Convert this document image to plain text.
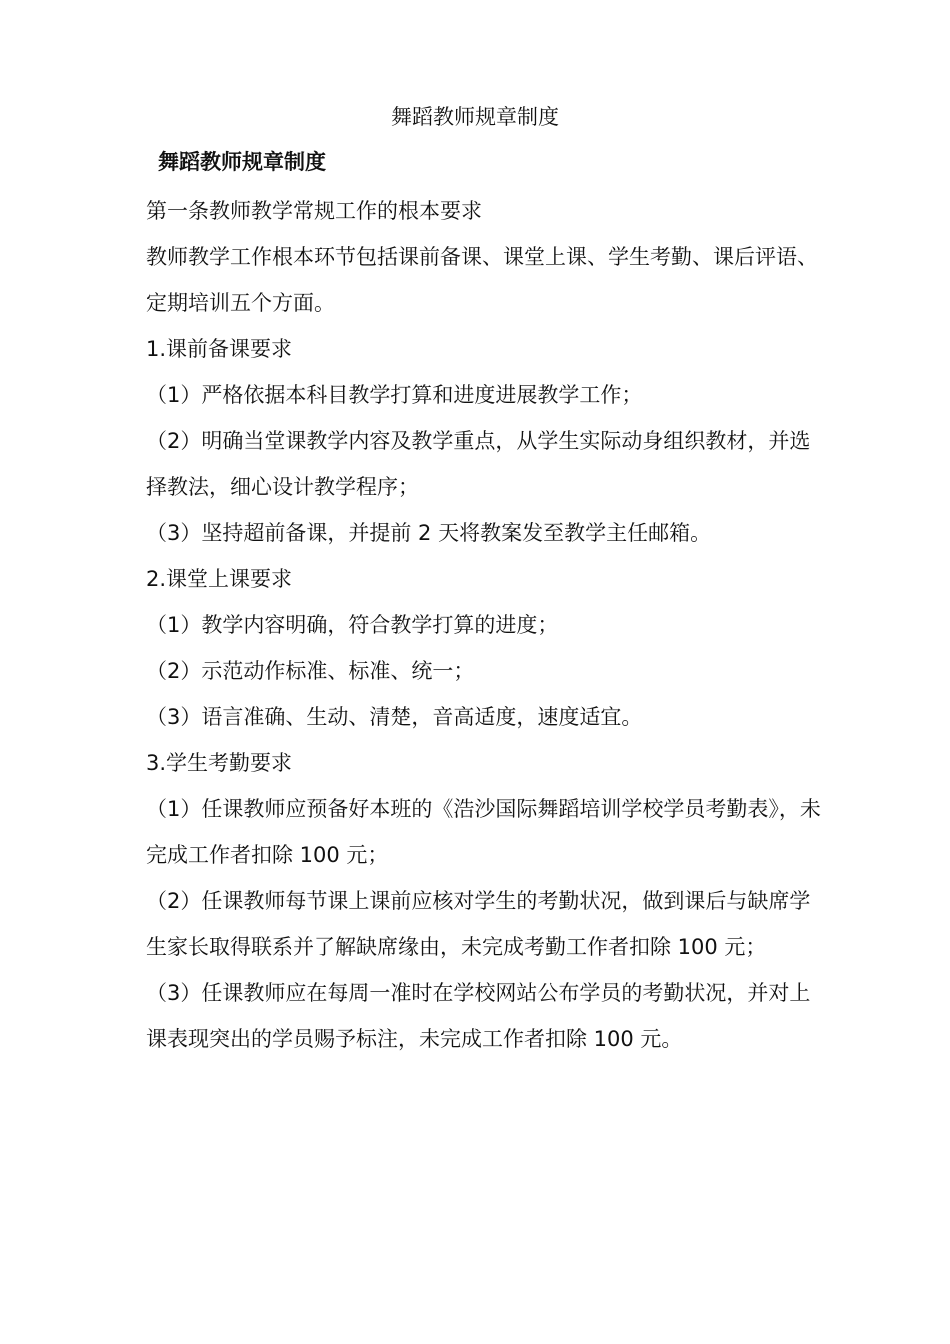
舞蹈教师规章制度
舞蹈教师规章制度

第一条教师教学常规工作的根本要求

教师教学工作根本环节包括课前备课、课堂上课、学生考勤、课后评语、定期培训五个方面。

1.课前备课要求

（1）严格依据本科目教学打算和进度进展教学工作；

（2）明确当堂课教学内容及教学重点，从学生实际动身组织教材，并选择教法，细心设计教学程序；

（3）坚持超前备课，并提前 2 天将教案发至教学主任邮箱。

2.课堂上课要求

（1）教学内容明确，符合教学打算的进度；

（2）示范动作标准、标准、统一；

（3）语言准确、生动、清楚，音高适度，速度适宜。

3.学生考勤要求

（1）任课教师应预备好本班的《浩沙国际舞蹈培训学校学员考勤表》，未完成工作者扣除 100 元；

（2）任课教师每节课上课前应核对学生的考勤状况，做到课后与缺席学生家长取得联系并了解缺席缘由，未完成考勤工作者扣除 100 元；

（3）任课教师应在每周一准时在学校网站公布学员的考勤状况，并对上课表现突出的学员赐予标注，未完成工作者扣除 100 元。
